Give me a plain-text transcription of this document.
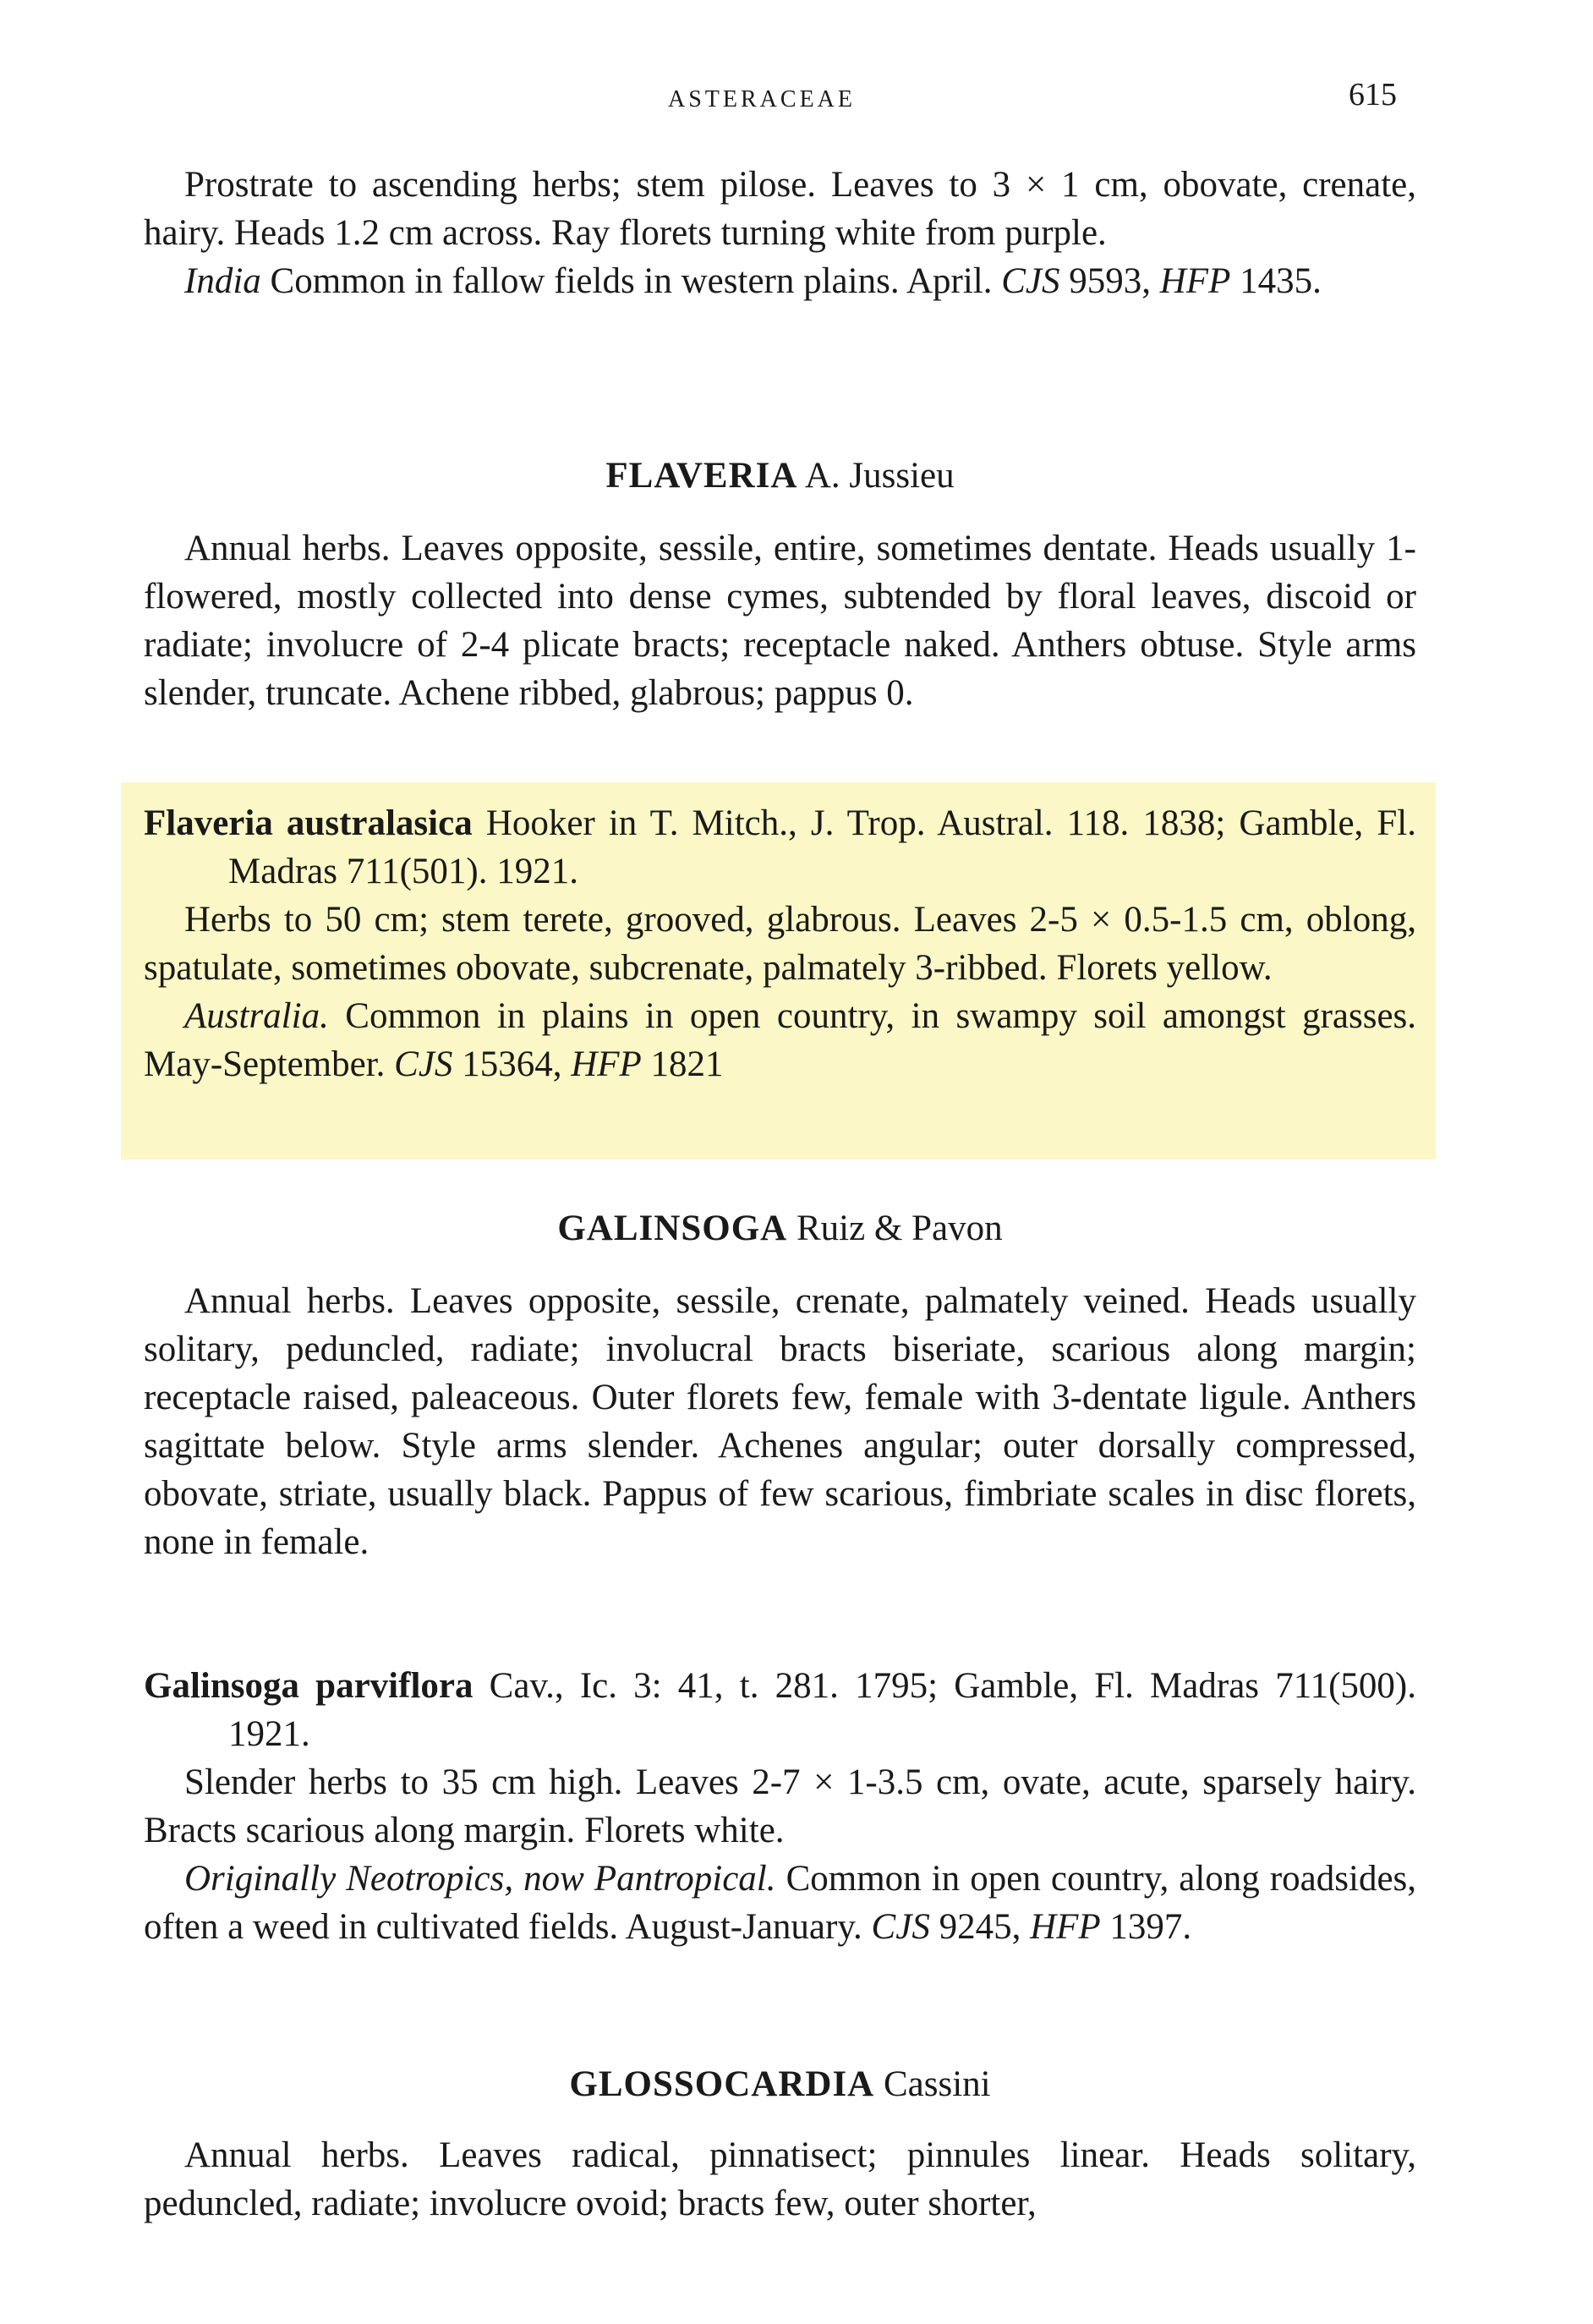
ASTERACEAE	615

Prostrate to ascending herbs; stem pilose. Leaves to 3 × 1 cm, obovate, crenate, hairy. Heads 1.2 cm across. Ray florets turning white from purple.

India Common in fallow fields in western plains. April. CJS 9593, HFP 1435.

FLAVERIA A. Jussieu

Annual herbs. Leaves opposite, sessile, entire, sometimes dentate. Heads usually 1-flowered, mostly collected into dense cymes, subtended by floral leaves, discoid or radiate; involucre of 2-4 plicate bracts; receptacle naked. Anthers obtuse. Style arms slender, truncate. Achene ribbed, glabrous; pappus 0.

Flaveria australasica Hooker in T. Mitch., J. Trop. Austral. 118. 1838; Gamble, Fl. Madras 711(501). 1921.

Herbs to 50 cm; stem terete, grooved, glabrous. Leaves 2-5 × 0.5-1.5 cm, oblong, spatulate, sometimes obovate, subcrenate, palmately 3-ribbed. Florets yellow.

Australia. Common in plains in open country, in swampy soil amongst grasses. May-September. CJS 15364, HFP 1821

GALINSOGA Ruiz & Pavon

Annual herbs. Leaves opposite, sessile, crenate, palmately veined. Heads usually solitary, peduncled, radiate; involucral bracts biseriate, scarious along margin; receptacle raised, paleaceous. Outer florets few, female with 3-dentate ligule. Anthers sagittate below. Style arms slender. Achenes angular; outer dorsally compressed, obovate, striate, usually black. Pappus of few scarious, fimbriate scales in disc florets, none in female.

Galinsoga parviflora Cav., Ic. 3: 41, t. 281. 1795; Gamble, Fl. Madras 711(500). 1921.

Slender herbs to 35 cm high. Leaves 2-7 × 1-3.5 cm, ovate, acute, sparsely hairy. Bracts scarious along margin. Florets white.

Originally Neotropics, now Pantropical. Common in open country, along roadsides, often a weed in cultivated fields. August-January. CJS 9245, HFP 1397.

GLOSSOCARDIA Cassini

Annual herbs. Leaves radical, pinnatisect; pinnules linear. Heads solitary, peduncled, radiate; involucre ovoid; bracts few, outer shorter,
